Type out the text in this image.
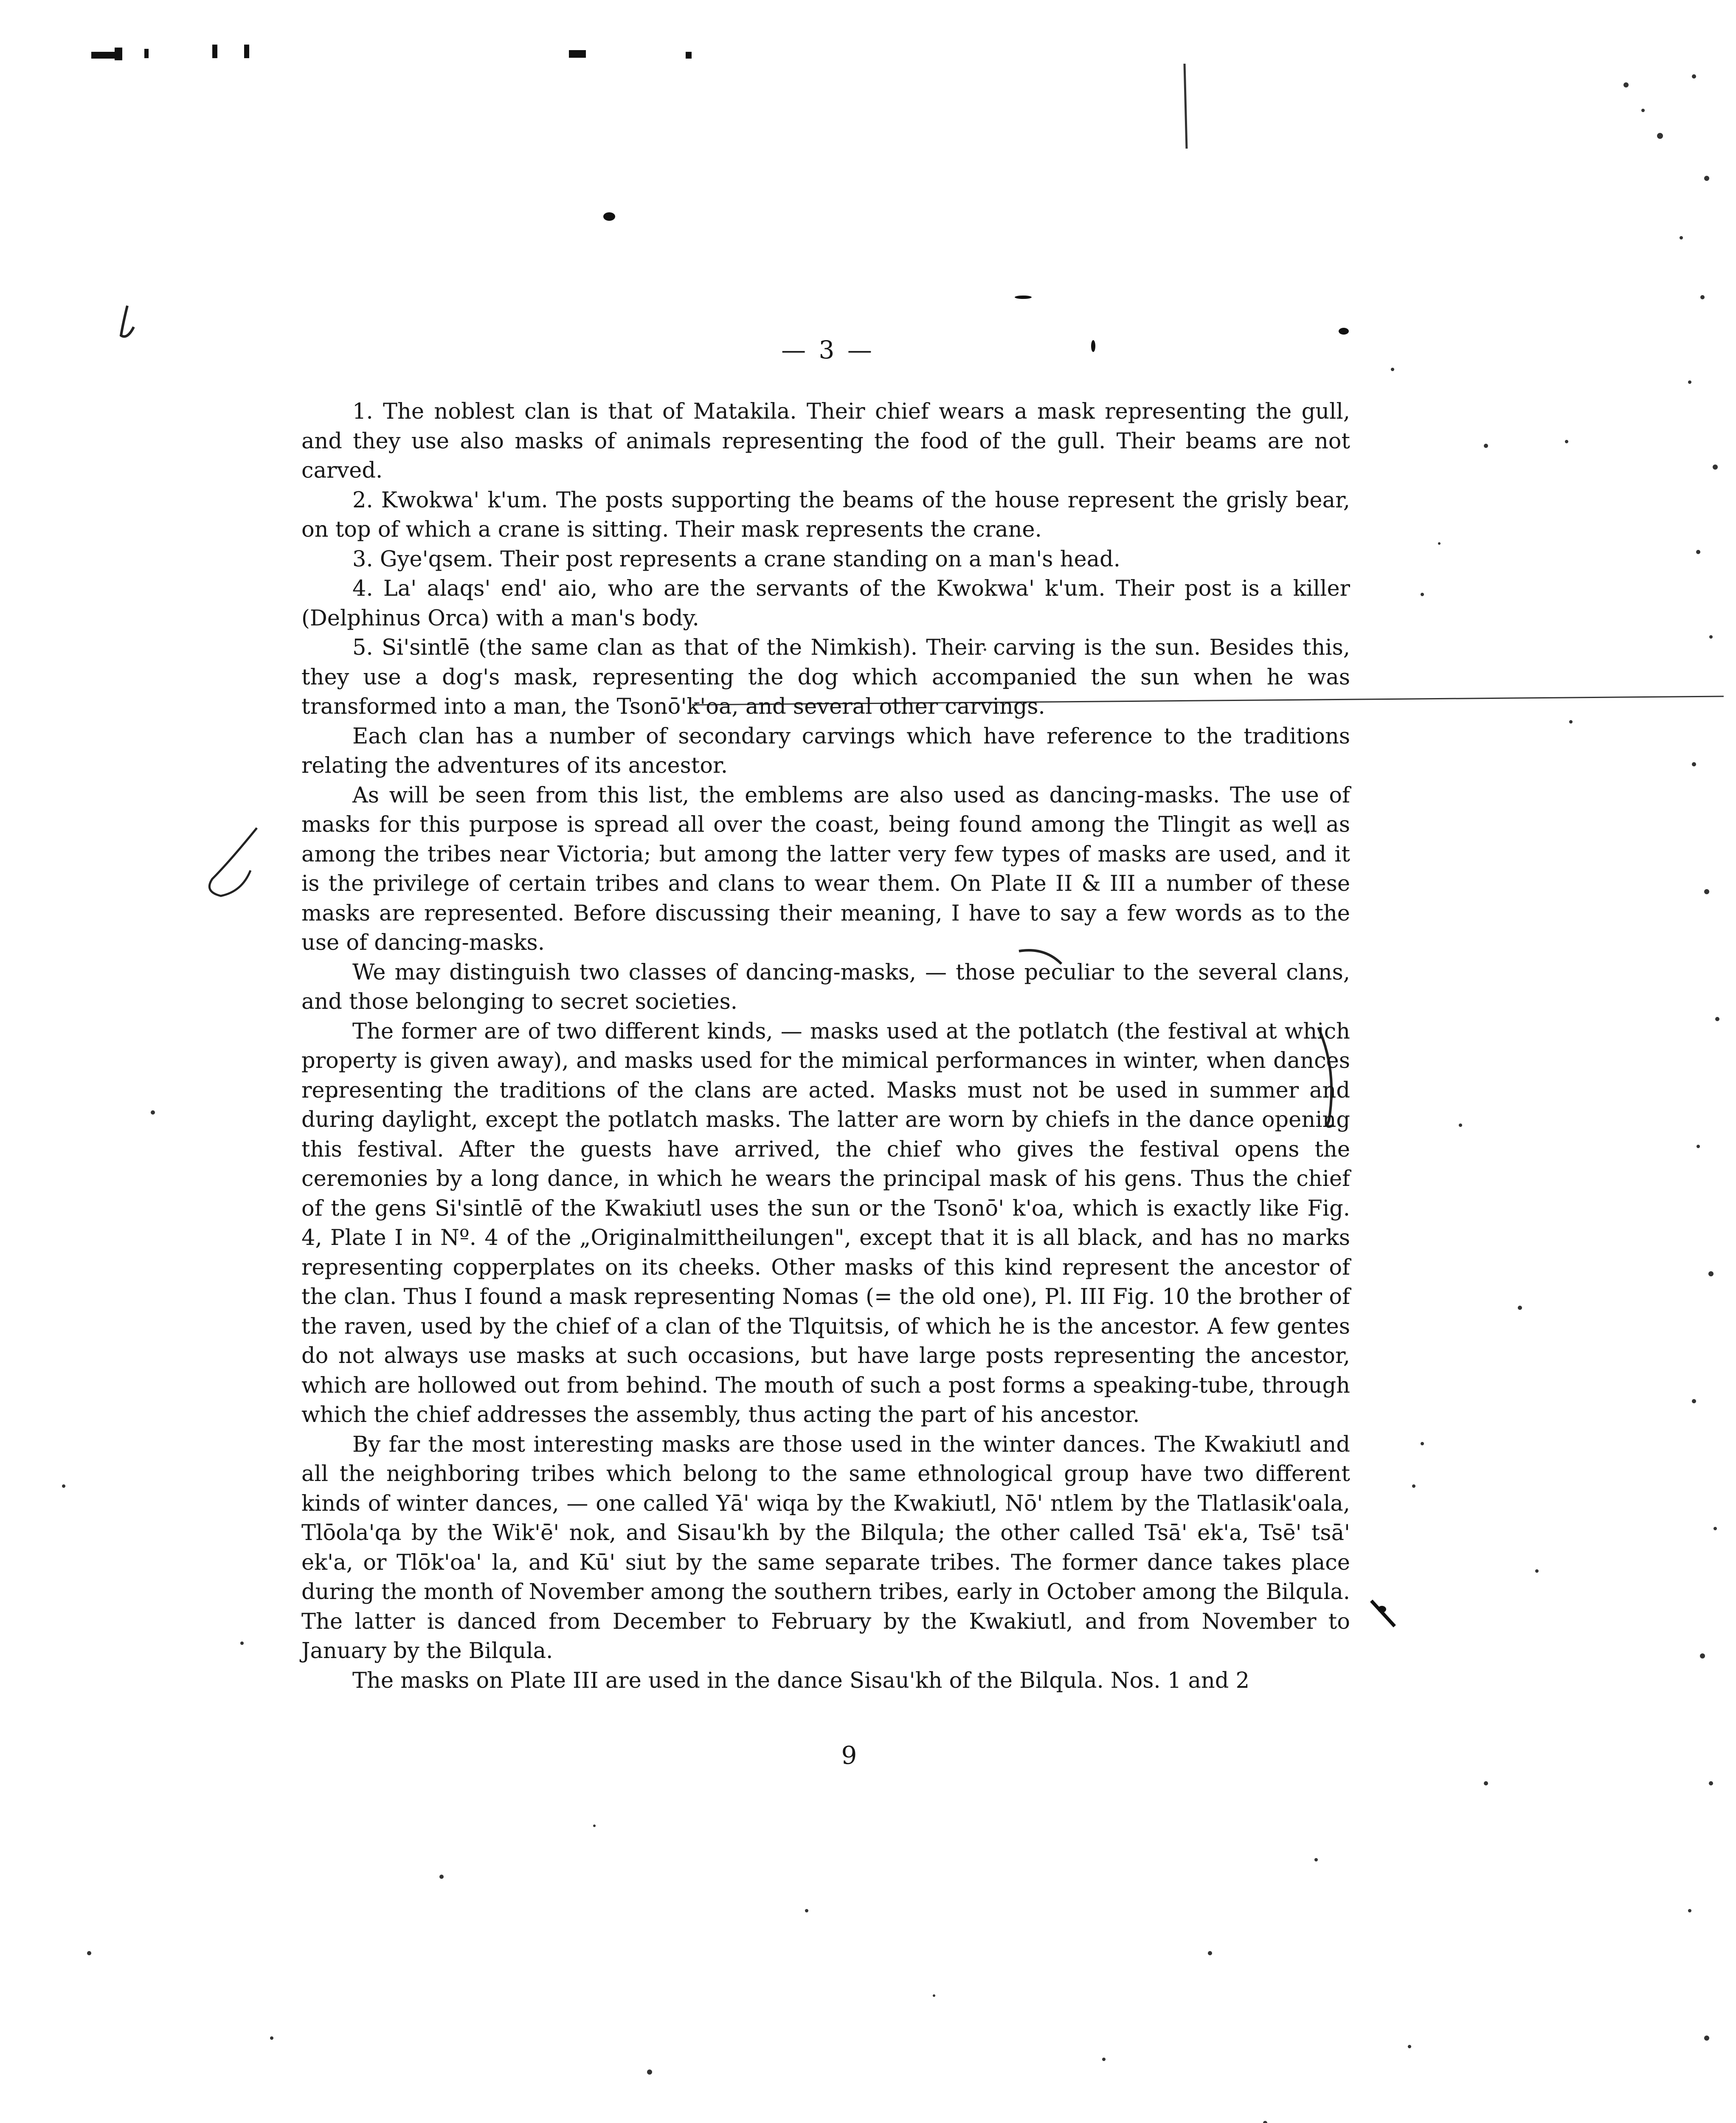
— 3 —

1. The noblest clan is that of Matakila. Their chief wears a mask representing the gull, and they use also masks of animals representing the food of the gull. Their beams are not carved.

2. Kwokwa' k'um. The posts supporting the beams of the house represent the grisly bear, on top of which a crane is sitting. Their mask represents the crane.

3. Gye'qsem. Their post represents a crane standing on a man's head.

4. La' alaqs' end' aio, who are the servants of the Kwokwa' k'um. Their post is a killer (Delphinus Orca) with a man's body.

5. Si'sintlē (the same clan as that of the Nimkish). Their carving is the sun. Besides this, they use a dog's mask, representing the dog which accompanied the sun when he was transformed into a man, the Tsonō'k'oa, and several other carvings.

Each clan has a number of secondary carvings which have reference to the traditions relating the adventures of its ancestor.

As will be seen from this list, the emblems are also used as dancing-masks. The use of masks for this purpose is spread all over the coast, being found among the Tlingit as well as among the tribes near Victoria; but among the latter very few types of masks are used, and it is the privilege of certain tribes and clans to wear them. On Plate II & III a number of these masks are represented. Before discussing their meaning, I have to say a few words as to the use of dancing-masks.

We may distinguish two classes of dancing-masks, — those peculiar to the several clans, and those belonging to secret societies.

The former are of two different kinds, — masks used at the potlatch (the festival at which property is given away), and masks used for the mimical performances in winter, when dances representing the traditions of the clans are acted. Masks must not be used in summer and during daylight, except the potlatch masks. The latter are worn by chiefs in the dance opening this festival. After the guests have arrived, the chief who gives the festival opens the ceremonies by a long dance, in which he wears the principal mask of his gens. Thus the chief of the gens Si'sintlē of the Kwakiutl uses the sun or the Tsonō' k'oa, which is exactly like Fig. 4, Plate I in Nº. 4 of the „Originalmittheilungen", except that it is all black, and has no marks representing copperplates on its cheeks. Other masks of this kind represent the ancestor of the clan. Thus I found a mask representing Nomas (= the old one), Pl. III Fig. 10 the brother of the raven, used by the chief of a clan of the Tlquitsis, of which he is the ancestor. A few gentes do not always use masks at such occasions, but have large posts representing the ancestor, which are hollowed out from behind. The mouth of such a post forms a speaking-tube, through which the chief addresses the assembly, thus acting the part of his ancestor.

By far the most interesting masks are those used in the winter dances. The Kwakiutl and all the neighboring tribes which belong to the same ethnological group have two different kinds of winter dances, — one called Yā' wiqa by the Kwakiutl, Nō' ntlem by the Tlatlasik'oala, Tlōola'qa by the Wik'ē' nok, and Sisau'kh by the Bilqula; the other called Tsā' ek'a, Tsē' tsā' ek'a, or Tlōk'oa' la, and Kū' siut by the same separate tribes. The former dance takes place during the month of November among the southern tribes, early in October among the Bilqula. The latter is danced from December to February by the Kwakiutl, and from November to January by the Bilqula.

The masks on Plate III are used in the dance Sisau'kh of the Bilqula. Nos. 1 and 2

9
